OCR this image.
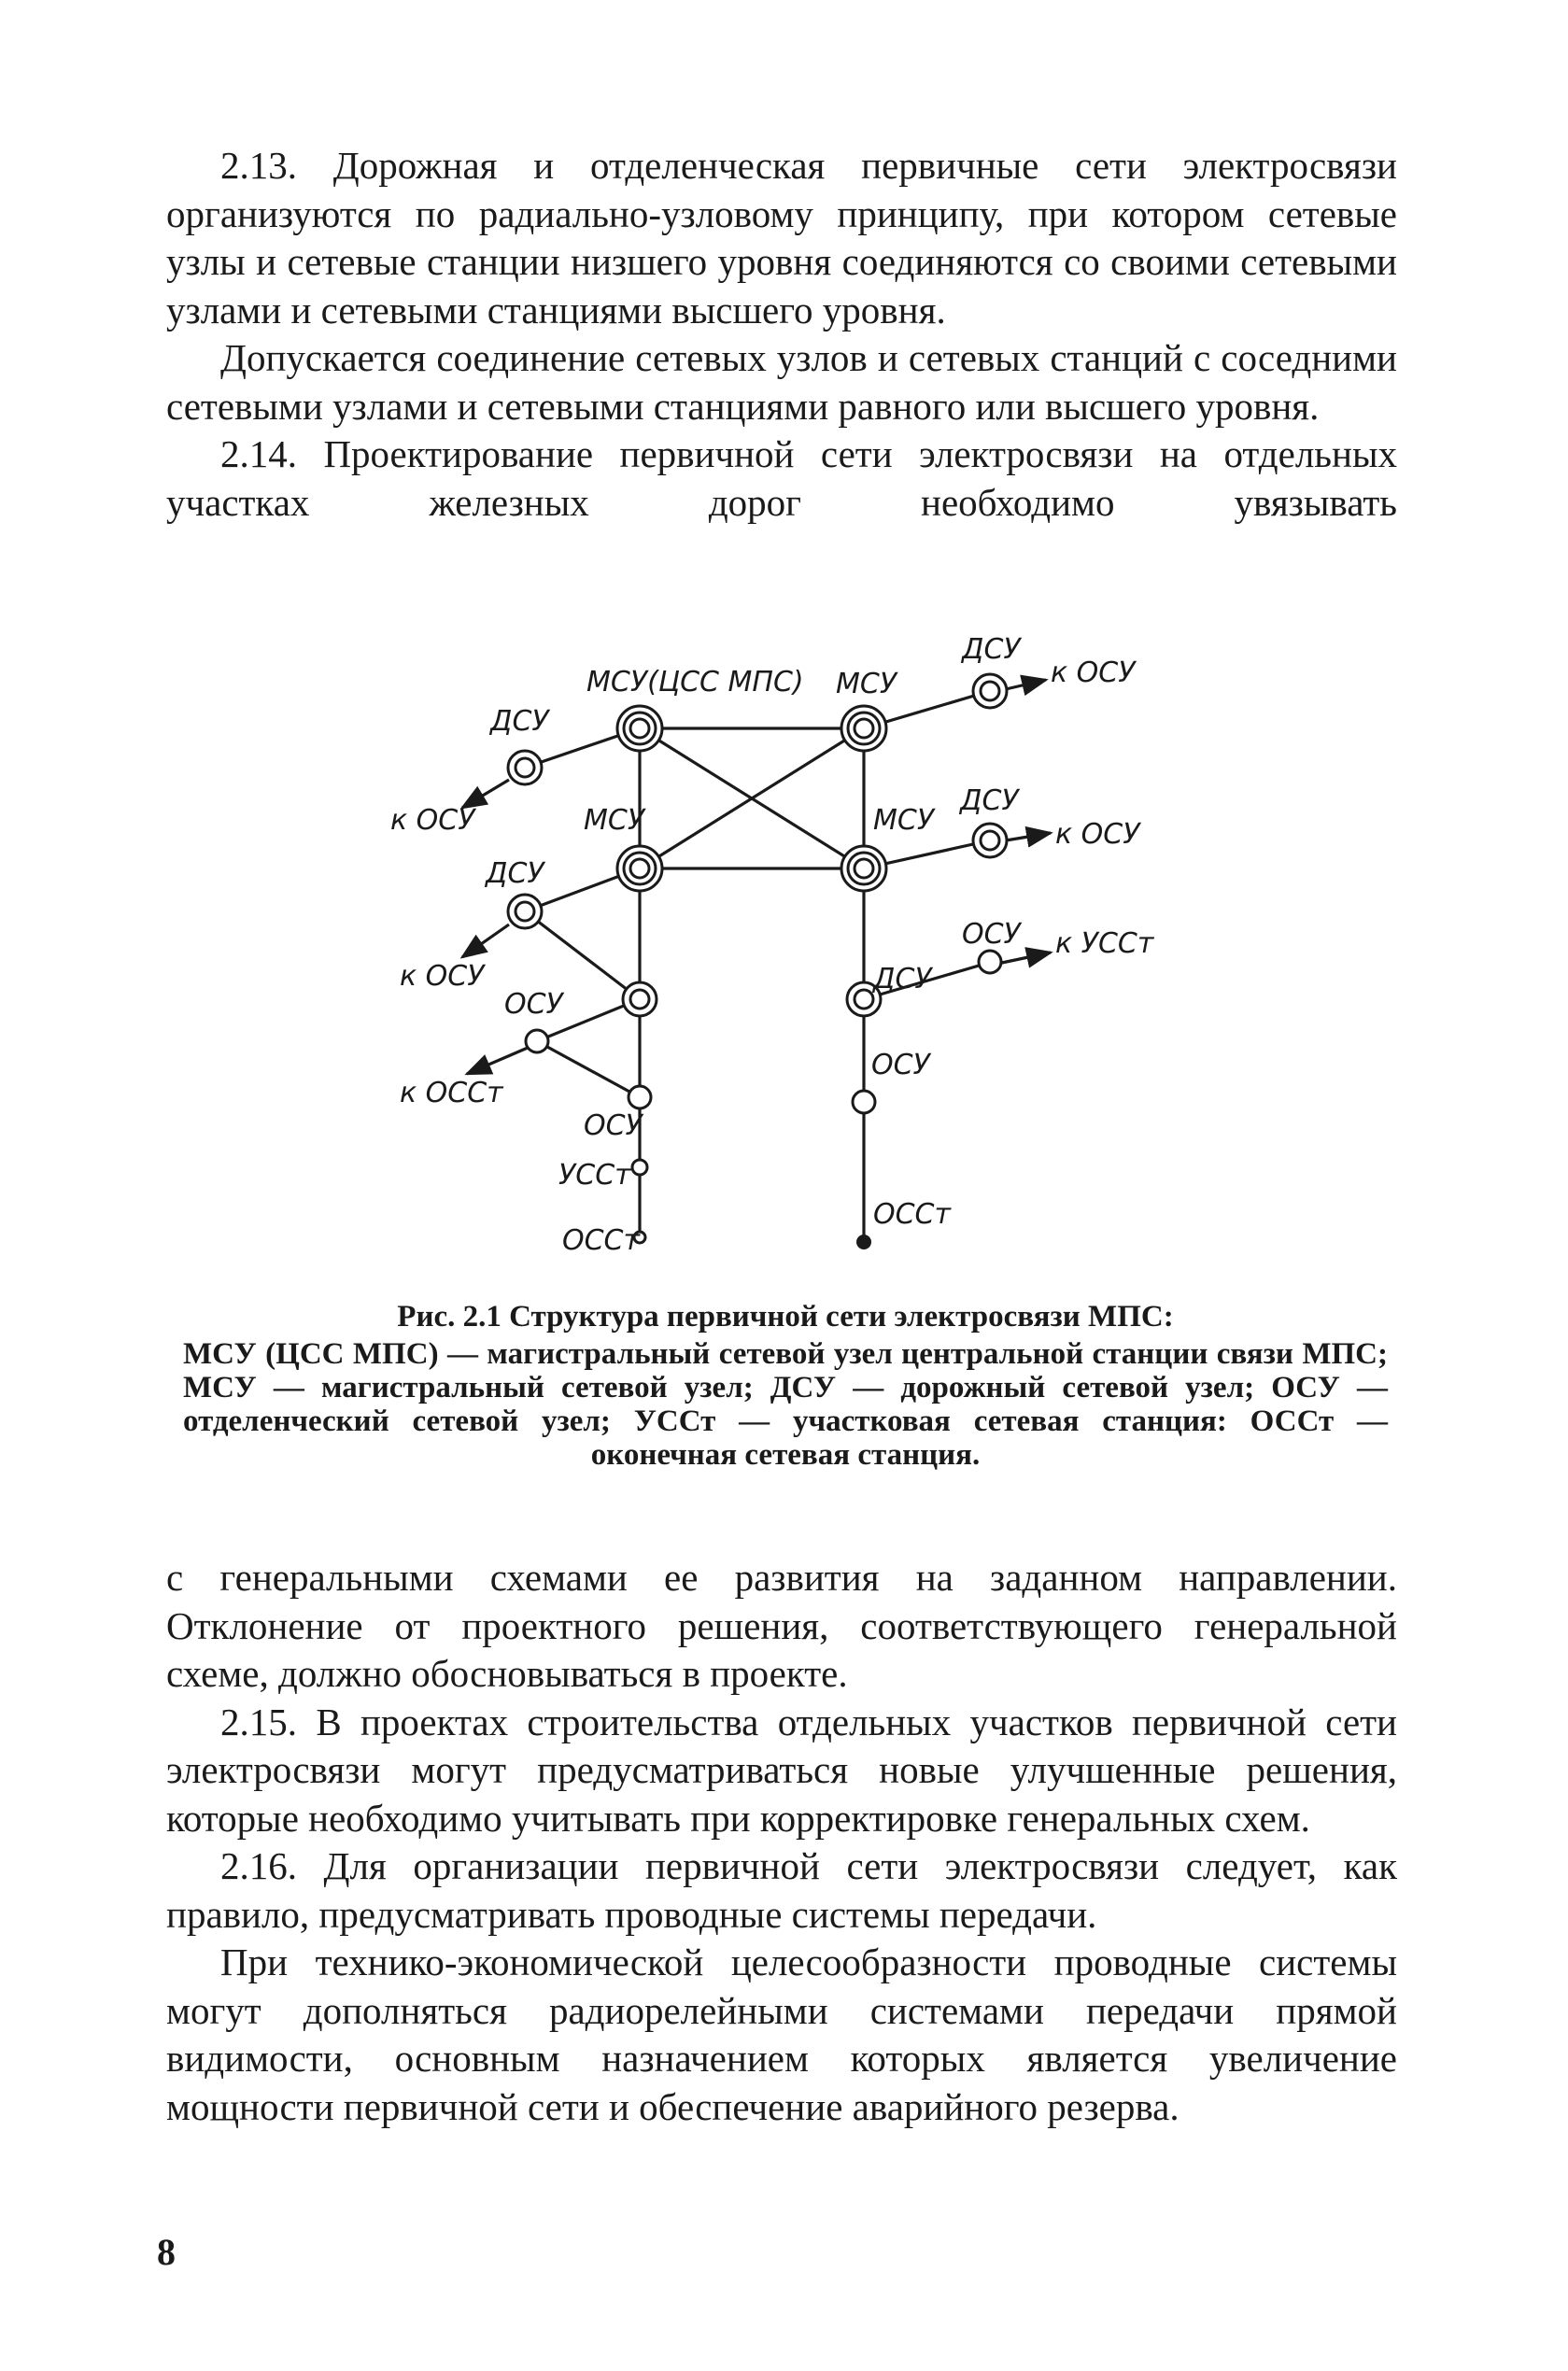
2.13. Дорожная и отделенческая первичные сети электросвязи организуются по радиально-узловому принципу, при котором сетевые узлы и сетевые станции низшего уровня соединяются со своими сетевыми узлами и сетевыми станциями высшего уровня.

Допускается соединение сетевых узлов и сетевых станций с соседними сетевыми узлами и сетевыми станциями равного или высшего уровня.

2.14. Проектирование первичной сети электросвязи на отдельных участках железных дорог необходимо увязывать

МСУ(ЦСС МПС) МСУ
МСУ	МСУ
ДСУ
ДСУ
ДСУ
ДСУ
ДСУ
ОСУ
ОСУ
ОСУ
ОСУ
к ОСУ
к ОСУ
к ОСУ
к ОСУ
к ОССт
к УССт
УССт
ОССт
ОССт

Рис. 2.1 Структура первичной сети электросвязи МПС:

МСУ (ЦСС МПС) — магистральный сетевой узел центральной станции связи МПС; МСУ — магистральный сетевой узел; ДСУ — дорожный сетевой узел; ОСУ — отделенческий сетевой узел; УССт — участковая сетевая станция: ОССт — оконечная сетевая станция.

с генеральными схемами ее развития на заданном направлении. Отклонение от проектного решения, соответствующего генеральной схеме, должно обосновываться в проекте.

2.15. В проектах строительства отдельных участков первичной сети электросвязи могут предусматриваться новые улучшенные решения, которые необходимо учитывать при корректировке генеральных схем.

2.16. Для организации первичной сети электросвязи следует, как правило, предусматривать проводные системы передачи.

При технико-экономической целесообразности проводные системы могут дополняться радиорелейными системами передачи прямой видимости, основным назначением которых является увеличение мощности первичной сети и обеспечение аварийного резерва.

8
